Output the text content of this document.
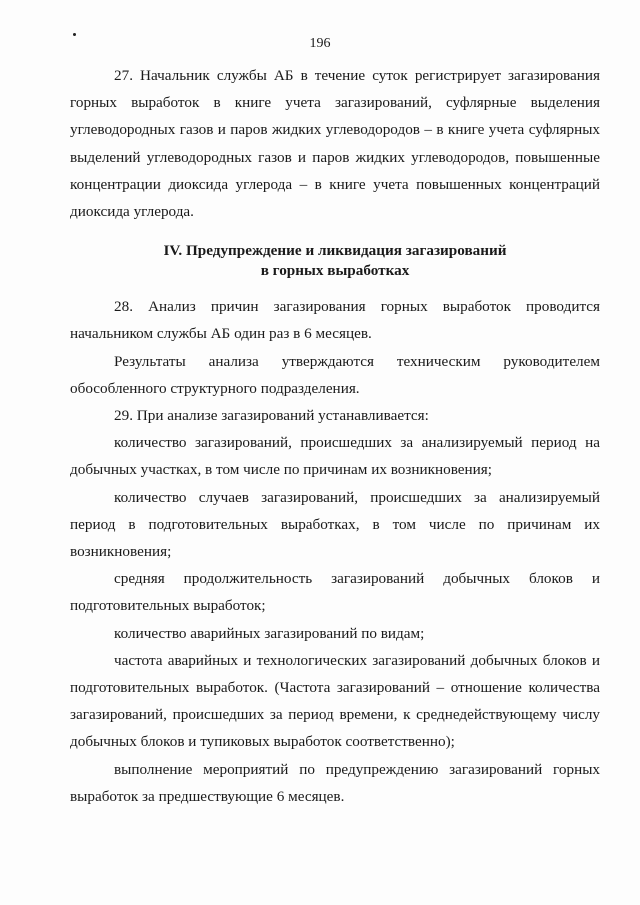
196

27. Начальник службы АБ в течение суток регистрирует загазирования горных выработок в книге учета загазирований, суфлярные выделения углеводородных газов и паров жидких углеводородов – в книге учета суфлярных выделений углеводородных газов и паров жидких углеводородов, повышенные концентрации диоксида углерода – в книге учета повышенных концентраций диоксида углерода.

IV. Предупреждение и ликвидация загазирований
в горных выработках

28. Анализ причин загазирования горных выработок проводится начальником службы АБ один раз в 6 месяцев.

Результаты анализа утверждаются техническим руководителем обособленного структурного подразделения.

29. При анализе загазирований устанавливается:

количество загазирований, происшедших за анализируемый период на добычных участках, в том числе по причинам их возникновения;

количество случаев загазирований, происшедших за анализируемый период в подготовительных выработках, в том числе по причинам их возникновения;

средняя продолжительность загазирований добычных блоков и подготовительных выработок;

количество аварийных загазирований по видам;

частота аварийных и технологических загазирований добычных блоков и подготовительных выработок. (Частота загазирований – отношение количества загазирований, происшедших за период времени, к среднедействующему числу добычных блоков и тупиковых выработок соответственно);

выполнение мероприятий по предупреждению загазирований горных выработок за предшествующие 6 месяцев.
